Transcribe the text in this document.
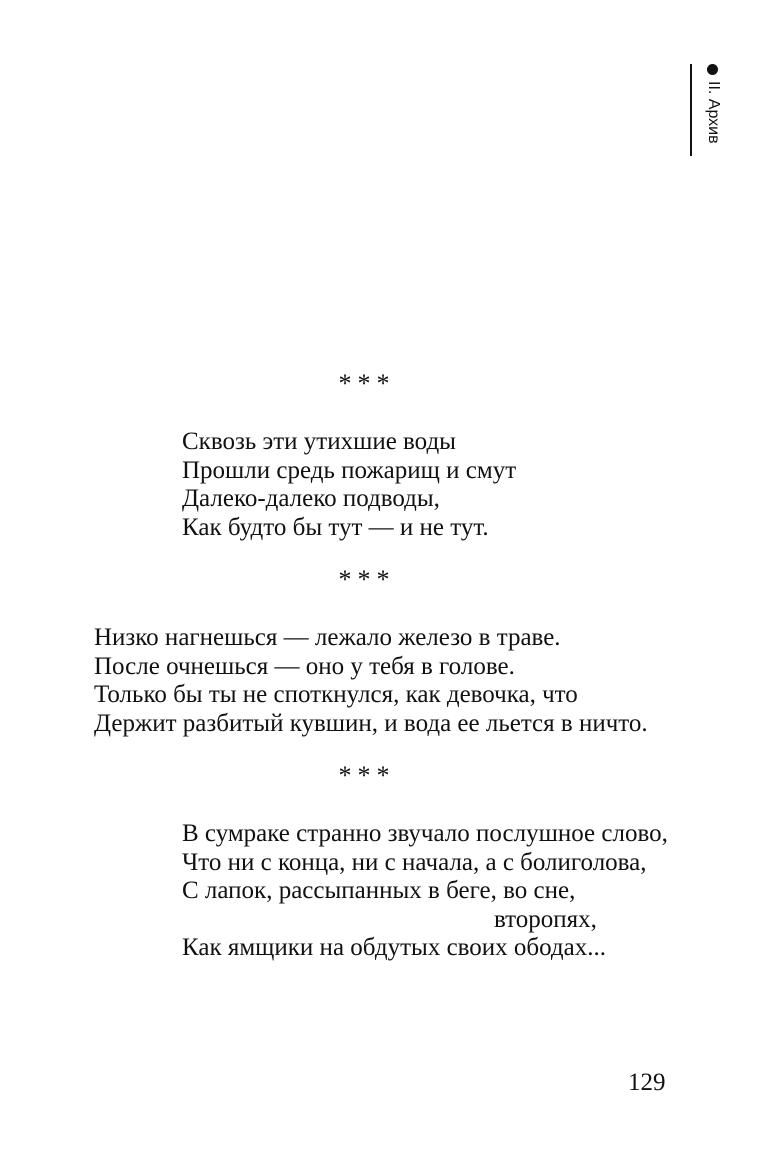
II. Архив
***
Сквозь эти утихшие воды
Прошли средь пожарищ и смут
Далеко-далеко подводы,
Как будто бы тут — и не тут.
***
Низко нагнешься — лежало железо в траве.
После очнешься — оно у тебя в голове.
Только бы ты не споткнулся, как девочка, что
Держит разбитый кувшин, и вода ее льется в ничто.
***
В сумраке странно звучало послушное слово,
Что ни с конца, ни с начала, а с болиголова,
С лапок, рассыпанных в беге, во сне,
второпях,
Как ямщики на обдутых своих ободах...
129
